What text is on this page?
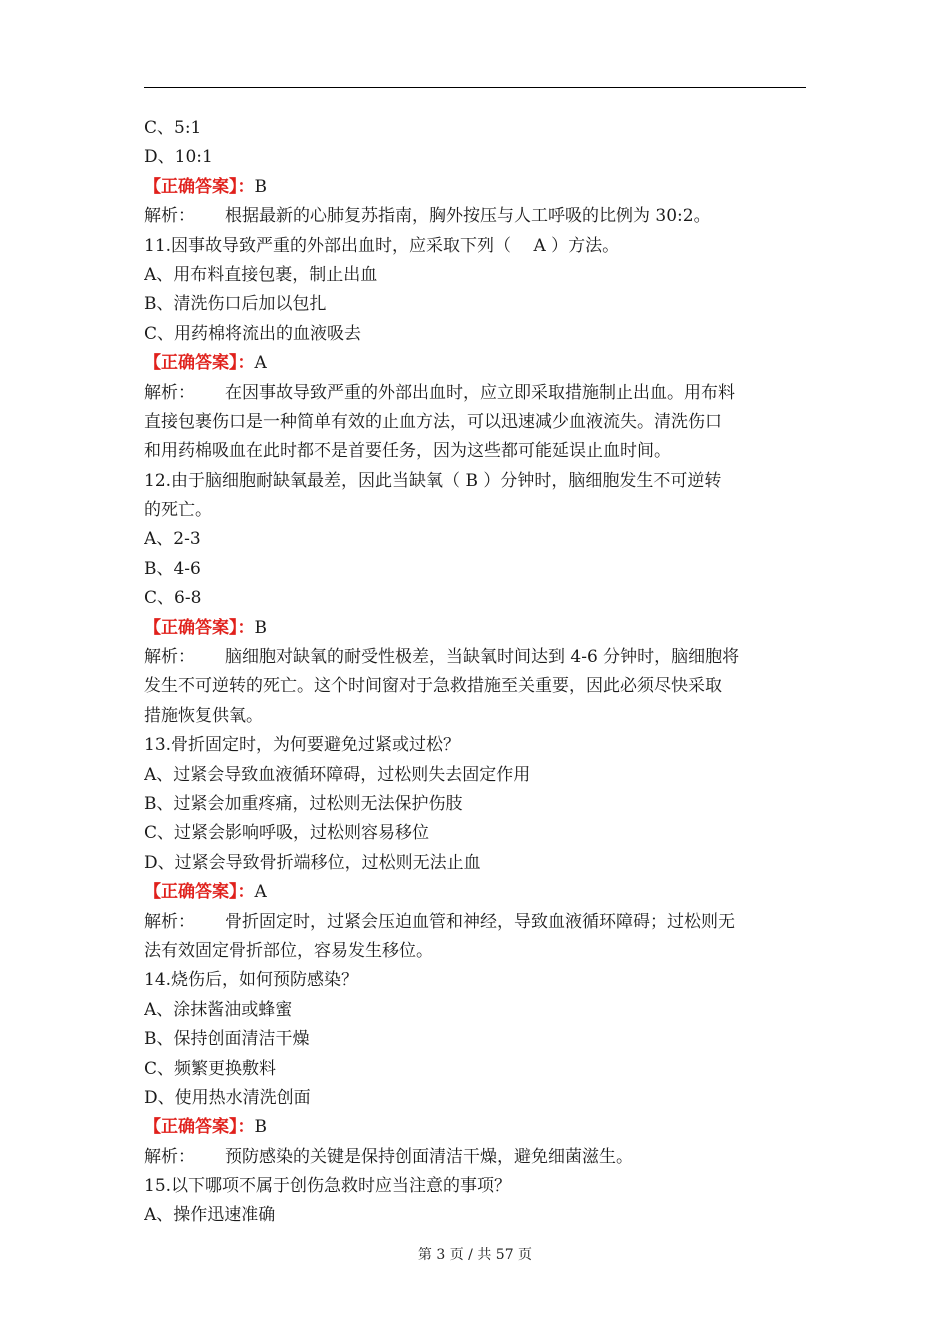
C、5:1
D、10:1
【正确答案】：B
解析： 根据最新的心肺复苏指南，胸外按压与人工呼吸的比例为 30:2。
11.因事故导致严重的外部出血时，应采取下列（　 A ）方法。
A、用布料直接包裹，制止出血
B、清洗伤口后加以包扎
C、用药棉将流出的血液吸去
【正确答案】：A
解析： 在因事故导致严重的外部出血时，应立即采取措施制止出血。用布料
直接包裹伤口是一种简单有效的止血方法，可以迅速减少血液流失。清洗伤口
和用药棉吸血在此时都不是首要任务，因为这些都可能延误止血时间。
12.由于脑细胞耐缺氧最差，因此当缺氧（ B ）分钟时，脑细胞发生不可逆转
的死亡。
A、2-3
B、4-6
C、6-8
【正确答案】：B
解析： 脑细胞对缺氧的耐受性极差，当缺氧时间达到 4-6 分钟时，脑细胞将
发生不可逆转的死亡。这个时间窗对于急救措施至关重要，因此必须尽快采取
措施恢复供氧。
13.骨折固定时，为何要避免过紧或过松？
A、过紧会导致血液循环障碍，过松则失去固定作用
B、过紧会加重疼痛，过松则无法保护伤肢
C、过紧会影响呼吸，过松则容易移位
D、过紧会导致骨折端移位，过松则无法止血
【正确答案】：A
解析： 骨折固定时，过紧会压迫血管和神经，导致血液循环障碍；过松则无
法有效固定骨折部位，容易发生移位。
14.烧伤后，如何预防感染？
A、涂抹酱油或蜂蜜
B、保持创面清洁干燥
C、频繁更换敷料
D、使用热水清洗创面
【正确答案】：B
解析： 预防感染的关键是保持创面清洁干燥，避免细菌滋生。
15.以下哪项不属于创伤急救时应当注意的事项？
A、操作迅速准确
第 3 页 / 共 57 页
